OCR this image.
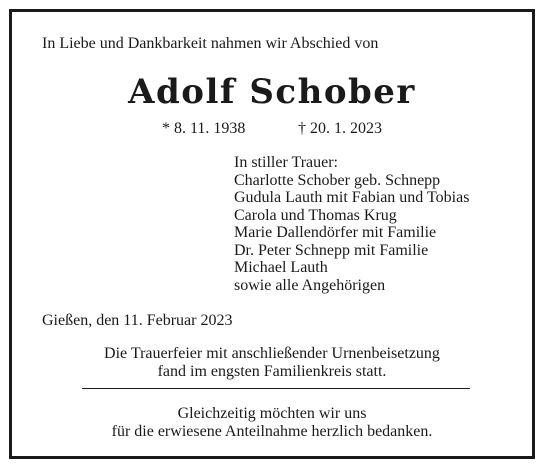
In Liebe und Dankbarkeit nahmen wir Abschied von
Adolf Schober
* 8. 11. 1938	† 20. 1. 2023
In stiller Trauer:
Charlotte Schober geb. Schnepp
Gudula Lauth mit Fabian und Tobias
Carola und Thomas Krug
Marie Dallendörfer mit Familie
Dr. Peter Schnepp mit Familie
Michael Lauth
sowie alle Angehörigen
Gießen, den 11. Februar 2023
Die Trauerfeier mit anschließender Urnenbeisetzung
fand im engsten Familienkreis statt.
Gleichzeitig möchten wir uns
für die erwiesene Anteilnahme herzlich bedanken.
